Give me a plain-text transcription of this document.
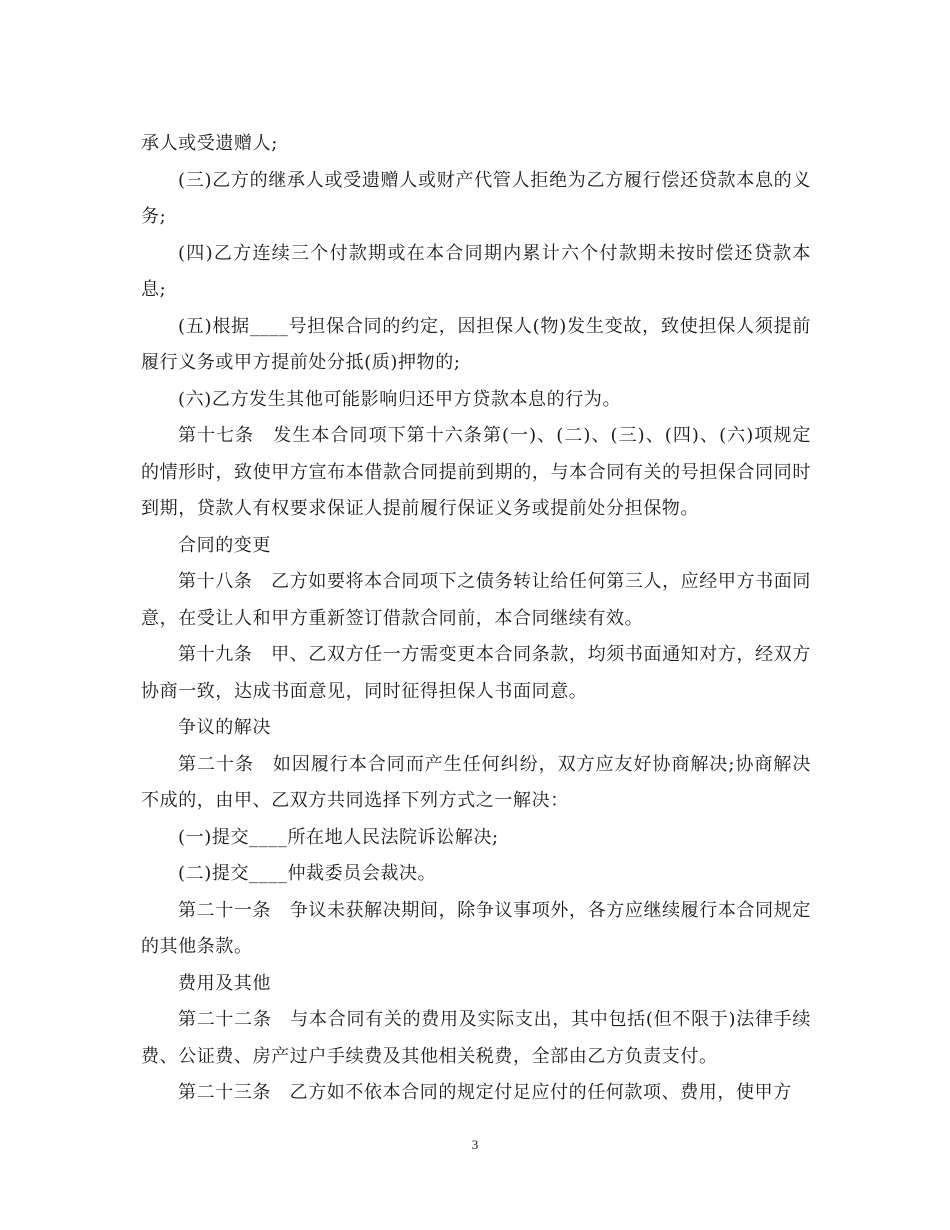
承人或受遗赠人;

(三)乙方的继承人或受遗赠人或财产代管人拒绝为乙方履行偿还贷款本息的义务;

(四)乙方连续三个付款期或在本合同期内累计六个付款期未按时偿还贷款本息;

(五)根据____号担保合同的约定，因担保人(物)发生变故，致使担保人须提前履行义务或甲方提前处分抵(质)押物的;

(六)乙方发生其他可能影响归还甲方贷款本息的行为。

第十七条　发生本合同项下第十六条第(一)、(二)、(三)、(四)、(六)项规定的情形时，致使甲方宣布本借款合同提前到期的，与本合同有关的号担保合同同时到期，贷款人有权要求保证人提前履行保证义务或提前处分担保物。

合同的变更

第十八条　乙方如要将本合同项下之债务转让给任何第三人，应经甲方书面同意，在受让人和甲方重新签订借款合同前，本合同继续有效。

第十九条　甲、乙双方任一方需变更本合同条款，均须书面通知对方，经双方协商一致，达成书面意见，同时征得担保人书面同意。

争议的解决

第二十条　如因履行本合同而产生任何纠纷，双方应友好协商解决;协商解决不成的，由甲、乙双方共同选择下列方式之一解决：

(一)提交____所在地人民法院诉讼解决;

(二)提交____仲裁委员会裁决。

第二十一条　争议未获解决期间，除争议事项外，各方应继续履行本合同规定的其他条款。

费用及其他

第二十二条　与本合同有关的费用及实际支出，其中包括(但不限于)法律手续费、公证费、房产过户手续费及其他相关税费，全部由乙方负责支付。

第二十三条　乙方如不依本合同的规定付足应付的任何款项、费用，使甲方

3
